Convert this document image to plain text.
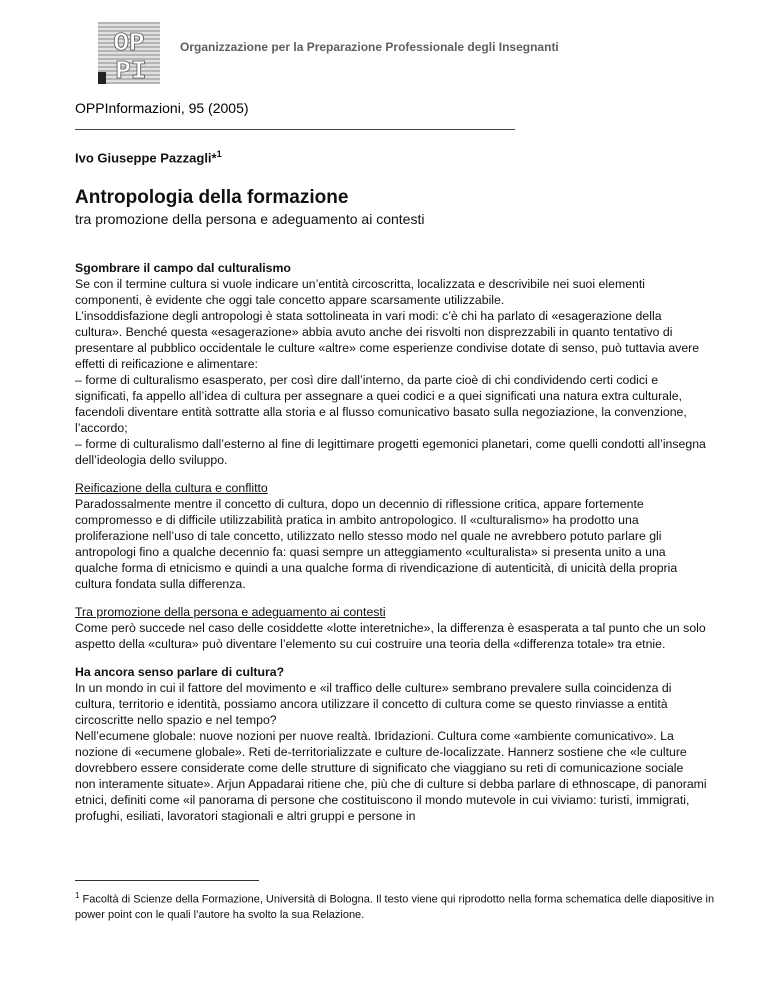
OP
PI
Organizzazione per la Preparazione Professionale degli Insegnanti
OPPInformazioni, 95 (2005)
Ivo Giuseppe Pazzagli*$^1$
Antropologia della formazione
tra promozione della persona e adeguamento ai contesti
Sgombrare il campo dal culturalismo
Se con il termine cultura si vuole indicare un’entità circoscritta, localizzata e descrivibile nei suoi elementi componenti, è evidente che oggi tale concetto appare scarsamente utilizzabile.
L’insoddisfazione degli antropologi è stata sottolineata in vari modi: c’è chi ha parlato di «esagerazione della cultura». Benché questa «esagerazione» abbia avuto anche dei risvolti non disprezzabili in quanto tentativo di presentare al pubblico occidentale le culture «altre» come esperienze condivise dotate di senso, può tuttavia avere effetti di reificazione e alimentare:
– forme di culturalismo esasperato, per così dire dall’interno, da parte cioè di chi condividendo certi codici e significati, fa appello all’idea di cultura per assegnare a quei codici e a quei significati una natura extra culturale, facendoli diventare entità sottratte alla storia e al flusso comunicativo basato sulla negoziazione, la convenzione, l’accordo;

– forme di culturalismo dall’esterno al fine di legittimare progetti egemonici planetari, come quelli condotti all’insegna dell’ideologia dello sviluppo.

Reificazione della cultura e conflitto

Paradossalmente mentre il concetto di cultura, dopo un decennio di riflessione critica, appare fortemente compromesso e di difficile utilizzabilità pratica in ambito antropologico. Il «culturalismo» ha prodotto una proliferazione nell’uso di tale concetto, utilizzato nello stesso modo nel quale ne avrebbero potuto parlare gli antropologi fino a qualche decennio fa: quasi sempre un atteggiamento «culturalista» si presenta unito a una qualche forma di etnicismo e quindi a una qualche forma di rivendicazione di autenticità, di unicità della propria cultura fondata sulla differenza.

Tra promozione della persona e adeguamento ai contesti

Come però succede nel caso delle cosiddette «lotte interetniche», la differenza è esasperata a tal punto che un solo aspetto della «cultura» può diventare l’elemento su cui costruire una teoria della «differenza totale» tra etnie.

Ha ancora senso parlare di cultura?
In un mondo in cui il fattore del movimento e «il traffico delle culture» sembrano prevalere sulla coincidenza di cultura, territorio e identità, possiamo ancora utilizzare il concetto di cultura come se questo rinviasse a entità circoscritte nello spazio e nel tempo?
Nell’ecumene globale: nuove nozioni per nuove realtà. Ibridazioni. Cultura come «ambiente comunicativo». La nozione di «ecumene globale». Reti de-territorializzate e culture de-localizzate. Hannerz sostiene che «le culture dovrebbero essere considerate come delle strutture di significato che viaggiano su reti di comunicazione sociale non interamente situate». Arjun Appadarai ritiene che, più che di culture si debba parlare di ethnoscape, di panorami etnici, definiti come «il panorama di persone che costituiscono il mondo mutevole in cui viviamo: turisti, immigrati, profughi, esiliati, lavoratori stagionali e altri gruppi e persone in
$^1$ Facoltà di Scienze della Formazione, Università di Bologna. Il testo viene qui riprodotto nella forma schematica delle diapositive in power point con le quali l’autore ha svolto la sua Relazione.
